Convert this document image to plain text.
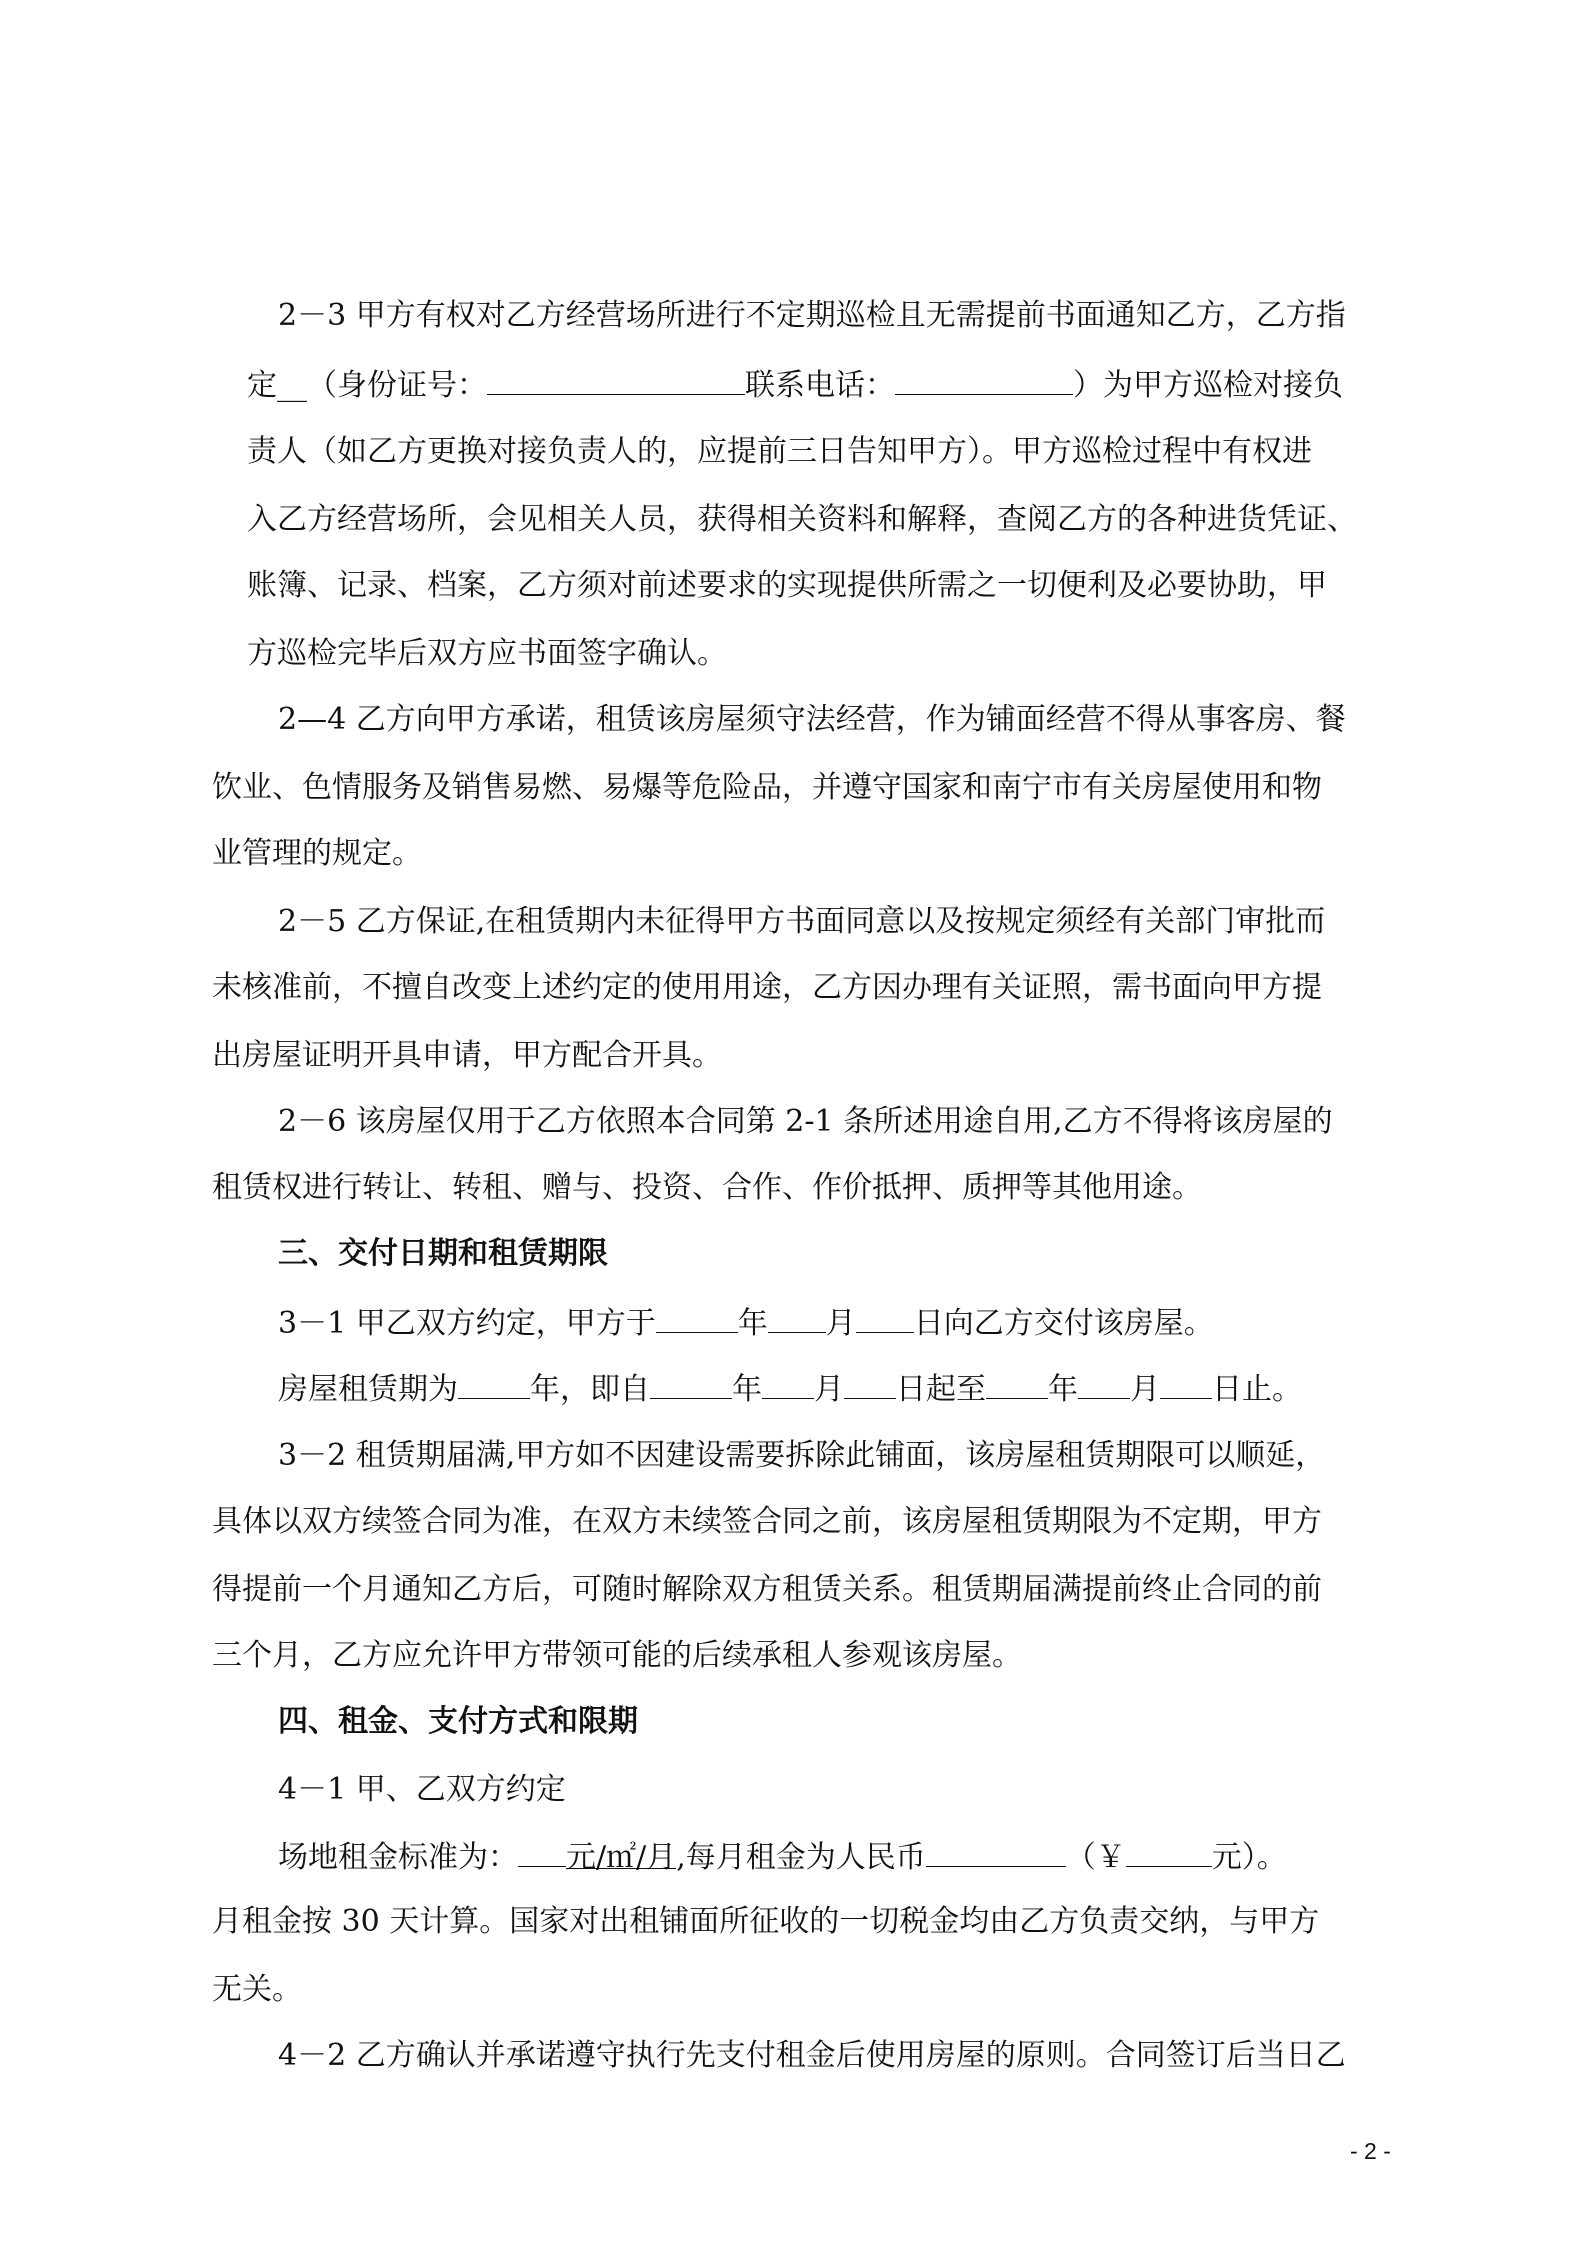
2－3 甲方有权对乙方经营场所进行不定期巡检且无需提前书面通知乙方，乙方指
定__（身份证号：	联系电话：	）为甲方巡检对接负
责人（如乙方更换对接负责人的，应提前三日告知甲方）。甲方巡检过程中有权进
入乙方经营场所，会见相关人员，获得相关资料和解释，查阅乙方的各种进货凭证、
账簿、记录、档案，乙方须对前述要求的实现提供所需之一切便利及必要协助，甲
方巡检完毕后双方应书面签字确认。
2—4 乙方向甲方承诺，租赁该房屋须守法经营，作为铺面经营不得从事客房、餐
饮业、色情服务及销售易燃、易爆等危险品，并遵守国家和南宁市有关房屋使用和物
业管理的规定。
2－5 乙方保证,在租赁期内未征得甲方书面同意以及按规定须经有关部门审批而
未核准前，不擅自改变上述约定的使用用途，乙方因办理有关证照，需书面向甲方提
出房屋证明开具申请，甲方配合开具。
2－6 该房屋仅用于乙方依照本合同第 2-1 条所述用途自用,乙方不得将该房屋的
租赁权进行转让、转租、赠与、投资、合作、作价抵押、质押等其他用途。
三、交付日期和租赁期限
3－1 甲乙双方约定，甲方于	年 月 日向乙方交付该房屋。
房屋租赁期为 年，即自	年 月 日起至 年 月 日止。
3－2 租赁期届满,甲方如不因建设需要拆除此铺面，该房屋租赁期限可以顺延，
具体以双方续签合同为准，在双方未续签合同之前，该房屋租赁期限为不定期，甲方
得提前一个月通知乙方后，可随时解除双方租赁关系。租赁期届满提前终止合同的前
三个月，乙方应允许甲方带领可能的后续承租人参观该房屋。
四、租金、支付方式和限期
4－1 甲、乙双方约定
场地租金标准为： 元/㎡/月,每月租金为人民币	（￥	元）。
月租金按 30 天计算。国家对出租铺面所征收的一切税金均由乙方负责交纳，与甲方
无关。
4－2 乙方确认并承诺遵守执行先支付租金后使用房屋的原则。合同签订后当日乙
- 2 -
